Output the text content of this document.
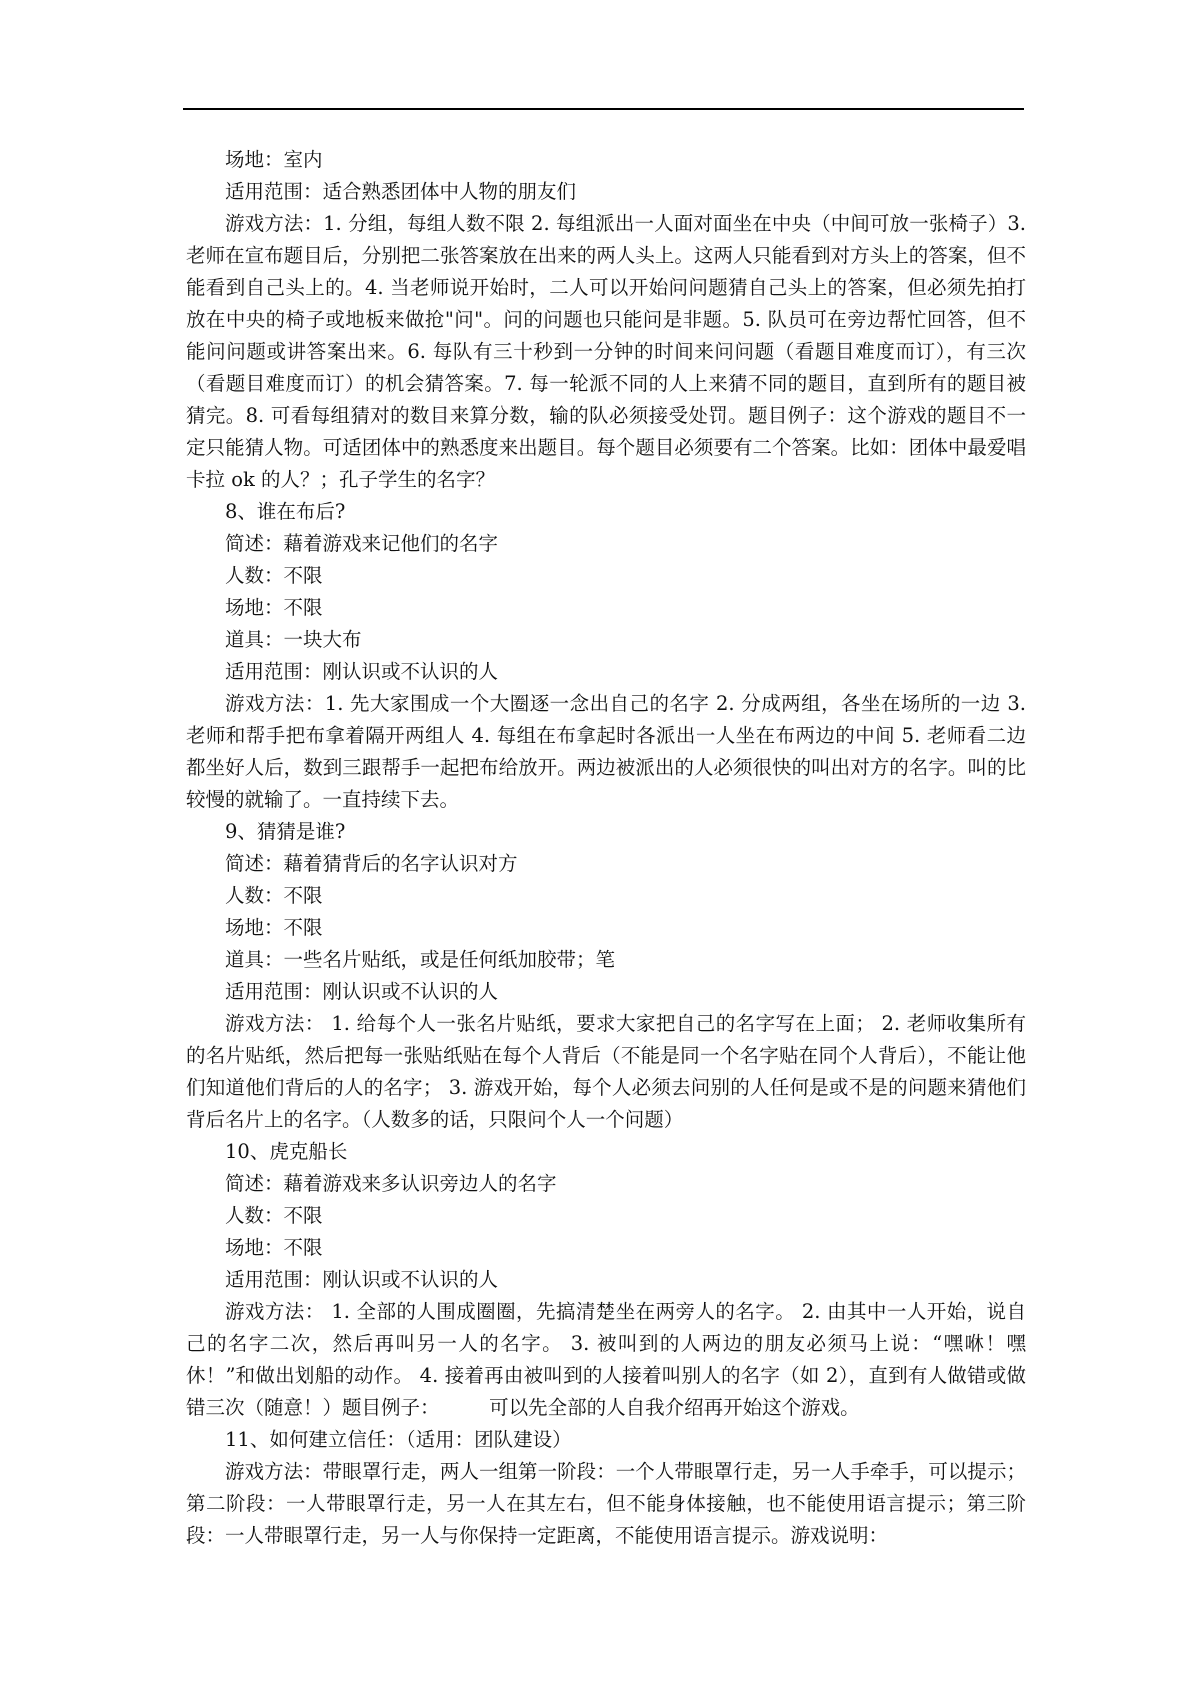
场地：室内

适用范围：适合熟悉团体中人物的朋友们

游戏方法：1. 分组，每组人数不限 2. 每组派出一人面对面坐在中央（中间可放一张椅子）3. 老师在宣布题目后，分别把二张答案放在出来的两人头上。这两人只能看到对方头上的答案，但不能看到自己头上的。4. 当老师说开始时，二人可以开始问问题猜自己头上的答案，但必须先拍打放在中央的椅子或地板来做抢"问"。问的问题也只能问是非题。5. 队员可在旁边帮忙回答，但不能问问题或讲答案出来。6. 每队有三十秒到一分钟的时间来问问题（看题目难度而订），有三次（看题目难度而订）的机会猜答案。7. 每一轮派不同的人上来猜不同的题目，直到所有的题目被猜完。8. 可看每组猜对的数目来算分数，输的队必须接受处罚。题目例子：这个游戏的题目不一定只能猜人物。可适团体中的熟悉度来出题目。每个题目必须要有二个答案。比如：团体中最爱唱卡拉 ok 的人？；孔子学生的名字？

8、谁在布后?

简述：藉着游戏来记他们的名字

人数：不限

场地：不限

道具：一块大布

适用范围：刚认识或不认识的人

游戏方法：1. 先大家围成一个大圈逐一念出自己的名字 2. 分成两组，各坐在场所的一边 3. 老师和帮手把布拿着隔开两组人 4. 每组在布拿起时各派出一人坐在布两边的中间 5. 老师看二边都坐好人后，数到三跟帮手一起把布给放开。两边被派出的人必须很快的叫出对方的名字。叫的比较慢的就输了。一直持续下去。

9、猜猜是谁?

简述：藉着猜背后的名字认识对方

人数：不限

场地：不限

道具：一些名片贴纸，或是任何纸加胶带；笔

适用范围：刚认识或不认识的人

游戏方法： 1. 给每个人一张名片贴纸，要求大家把自己的名字写在上面； 2. 老师收集所有的名片贴纸，然后把每一张贴纸贴在每个人背后（不能是同一个名字贴在同个人背后），不能让他们知道他们背后的人的名字； 3. 游戏开始，每个人必须去问别的人任何是或不是的问题来猜他们背后名片上的名字。（人数多的话，只限问个人一个问题）

10、虎克船长

简述：藉着游戏来多认识旁边人的名字

人数：不限

场地：不限

适用范围：刚认识或不认识的人

游戏方法： 1. 全部的人围成圈圈，先搞清楚坐在两旁人的名字。 2. 由其中一人开始，说自己的名字二次，然后再叫另一人的名字。 3. 被叫到的人两边的朋友必须马上说：“嘿咻！嘿休！”和做出划船的动作。 4. 接着再由被叫到的人接着叫别人的名字（如 2），直到有人做错或做错三次（随意！）题目例子：        可以先全部的人自我介绍再开始这个游戏。

11、如何建立信任：（适用：团队建设）

游戏方法：带眼罩行走，两人一组第一阶段：一个人带眼罩行走，另一人手牵手，可以提示；第二阶段：一人带眼罩行走，另一人在其左右，但不能身体接触，也不能使用语言提示；第三阶段：一人带眼罩行走，另一人与你保持一定距离，不能使用语言提示。游戏说明：
